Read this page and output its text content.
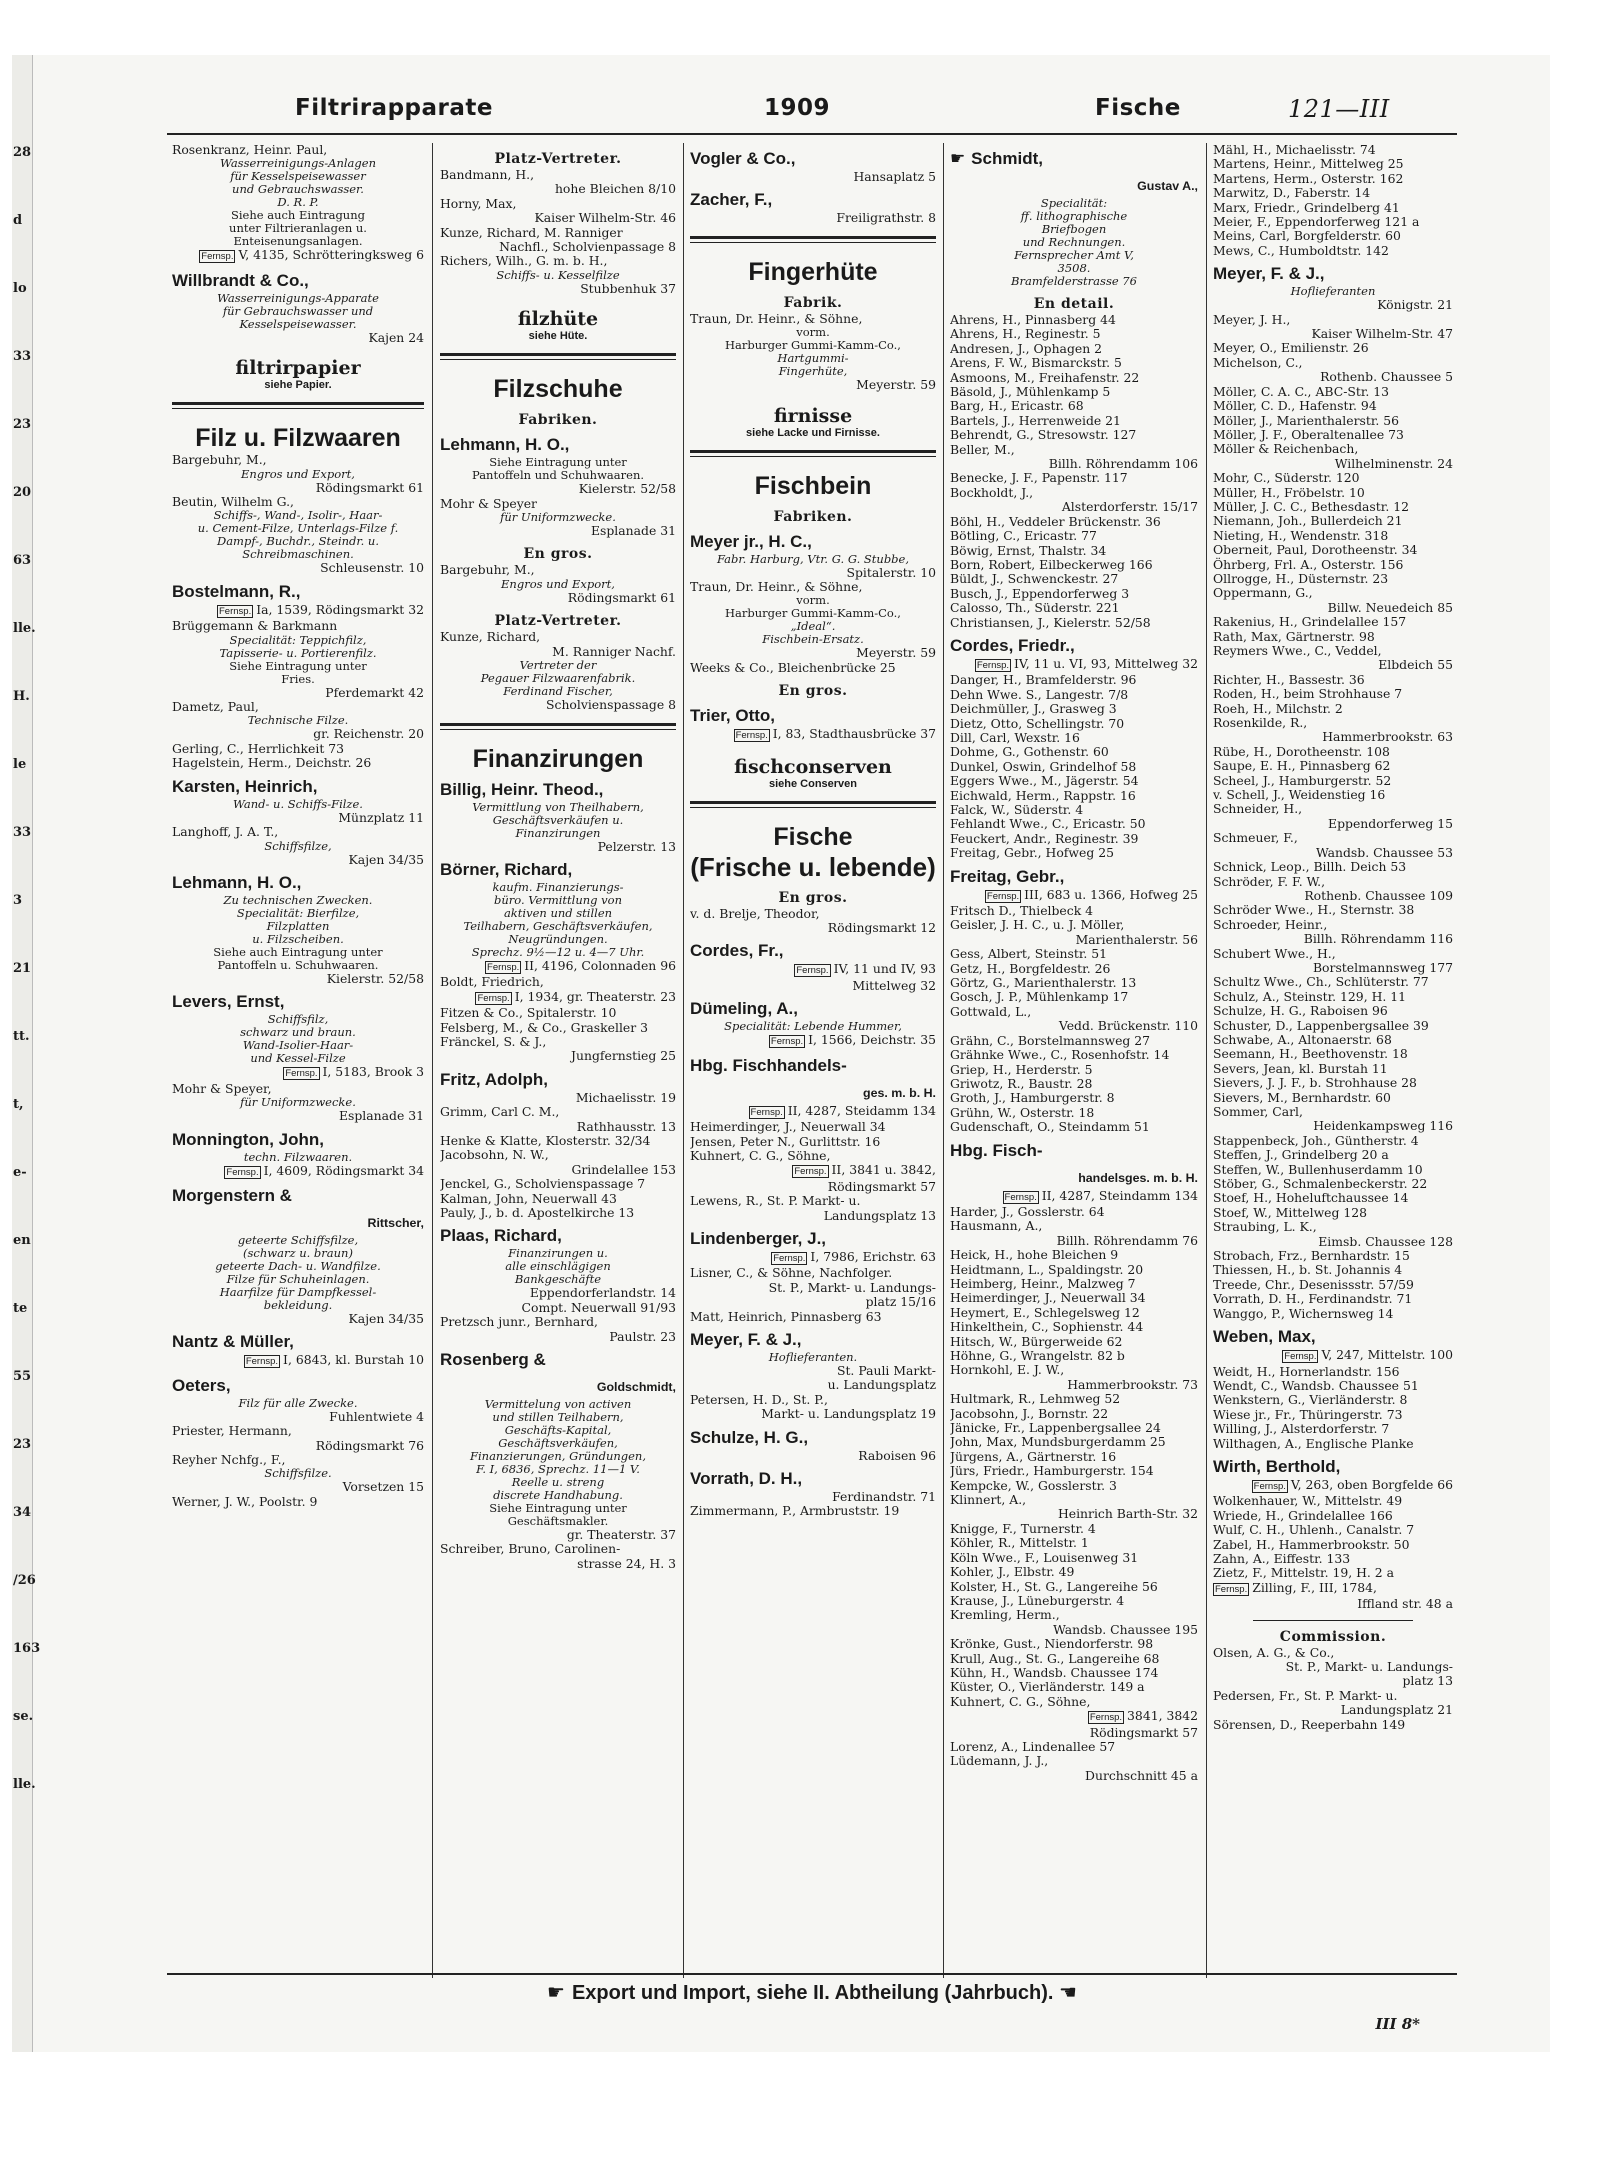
28
d
lo
33
23
20
63
lle.
H.
le
33
3
21
tt.
t,
e-
en
te
55
23
34
/26
163
se.
lle.
Filtrirapparate	1909	Fische	121—III
Rosenkranz, Heinr. Paul,
Wasserreinigungs-Anlagen
für Kesselspeisewasser
und Gebrauchswasser.
D. R. P.
Siehe auch Eintragung
unter Filtrieranlagen u.
Enteisenungsanlagen.
Fernsp. V, 4135, Schrötteringksweg 6
Willbrandt & Co.,
Wasserreinigungs-Apparate
für Gebrauchswasser und
Kesselspeisewasser.
Kajen 24
filtrirpapier
siehe Papier.
Filz u. Filzwaaren
Bargebuhr, M.,
Engros und Export,
Rödingsmarkt 61
Beutin, Wilhelm G.,
Schiffs-, Wand-, Isolir-, Haar-
u. Cement-Filze, Unterlags-Filze f.
Dampf-, Buchdr., Steindr. u.
Schreibmaschinen.
Schleusenstr. 10
Bostelmann, R.,
Fernsp. Ia, 1539, Rödingsmarkt 32
Brüggemann & Barkmann
Specialität: Teppichfilz,
Tapisserie- u. Portierenfilz.
Siehe Eintragung unter
Fries.
Pferdemarkt 42
Dametz, Paul,
Technische Filze.
gr. Reichenstr. 20
Gerling, C., Herrlichkeit 73
Hagelstein, Herm., Deichstr. 26
Karsten, Heinrich,
Wand- u. Schiffs-Filze.
Münzplatz 11
Langhoff, J. A. T.,
Schiffsfilze,
Kajen 34/35
Lehmann, H. O.,
Zu technischen Zwecken.
Specialität: Bierfilze,
Filzplatten
u. Filzscheiben.
Siehe auch Eintragung unter
Pantoffeln u. Schuhwaaren.
Kielerstr. 52/58
Levers, Ernst,
Schiffsfilz,
schwarz und braun.
Wand-Isolier-Haar-
und Kessel-Filze
Fernsp. I, 5183, Brook 3
Mohr & Speyer,
für Uniformzwecke.
Esplanade 31
Monnington, John,
techn. Filzwaaren.
Fernsp. I, 4609, Rödingsmarkt 34
Morgenstern &
Rittscher,
geteerte Schiffsfilze,
(schwarz u. braun)
geteerte Dach- u. Wandfilze.
Filze für Schuheinlagen.
Haarfilze für Dampfkessel-
bekleidung.
Kajen 34/35
Nantz & Müller,
Fernsp. I, 6843, kl. Burstah 10
Oeters,
Filz für alle Zwecke.
Fuhlentwiete 4
Priester, Hermann,
Rödingsmarkt 76
Reyher Nchfg., F.,
Schiffsfilze.
Vorsetzen 15
Werner, J. W., Poolstr. 9
Platz-Vertreter.
Bandmann, H.,
hohe Bleichen 8/10
Horny, Max,
Kaiser Wilhelm-Str. 46
Kunze, Richard, M. Ranniger
Nachfl., Scholvienpassage 8
Richers, Wilh., G. m. b. H.,
Schiffs- u. Kesselfilze
Stubbenhuk 37
filzhüte
siehe Hüte.
Filzschuhe
Fabriken.
Lehmann, H. O.,
Siehe Eintragung unter
Pantoffeln und Schuhwaaren.
Kielerstr. 52/58
Mohr & Speyer
für Uniformzwecke.
Esplanade 31
En gros.
Bargebuhr, M.,
Engros und Export,
Rödingsmarkt 61
Platz-Vertreter.
Kunze, Richard,
M. Ranniger Nachf.
Vertreter der
Pegauer Filzwaarenfabrik.
Ferdinand Fischer,
Scholvienspassage 8
Finanzirungen
Billig, Heinr. Theod.,
Vermittlung von Theilhabern,
Geschäftsverkäufen u.
Finanzirungen
Pelzerstr. 13
Börner, Richard,
kaufm. Finanzierungs-
büro. Vermittlung von
aktiven und stillen
Teilhabern, Geschäftsverkäufen,
Neugründungen.
Sprechz. 9½—12 u. 4—7 Uhr.
Fernsp. II, 4196, Colonnaden 96
Boldt, Friedrich,
Fernsp. I, 1934, gr. Theaterstr. 23
Fitzen & Co., Spitalerstr. 10
Felsberg, M., & Co., Graskeller 3
Fränckel, S. & J.,
Jungfernstieg 25
Fritz, Adolph,
Michaelisstr. 19
Grimm, Carl C. M.,
Rathhausstr. 13
Henke & Klatte, Klosterstr. 32/34
Jacobsohn, N. W.,
Grindelallee 153
Jenckel, G., Scholvienspassage 7
Kalman, John, Neuerwall 43
Pauly, J., b. d. Apostelkirche 13
Plaas, Richard,
Finanzirungen u.
alle einschlägigen
Bankgeschäfte
Eppendorferlandstr. 14
Compt. Neuerwall 91/93
Pretzsch junr., Bernhard,
Paulstr. 23
Rosenberg &
Goldschmidt,
Vermittelung von activen
und stillen Teilhabern,
Geschäfts-Kapital,
Geschäftsverkäufen,
Finanzierungen, Gründungen,
F. I, 6836, Sprechz. 11—1 V.
Reelle u. streng
discrete Handhabung.
Siehe Eintragung unter
Geschäftsmakler.
gr. Theaterstr. 37
Schreiber, Bruno, Carolinen-
strasse 24, H. 3
Vogler & Co.,
Hansaplatz 5
Zacher, F.,
Freiligrathstr. 8
Fingerhüte
Fabrik.
Traun, Dr. Heinr., & Söhne,
vorm.
Harburger Gummi-Kamm-Co.,
Hartgummi-
Fingerhüte,
Meyerstr. 59
firnisse
siehe Lacke und Firnisse.
Fischbein
Fabriken.
Meyer jr., H. C.,
Fabr. Harburg, Vtr. G. G. Stubbe,
Spitalerstr. 10
Traun, Dr. Heinr., & Söhne,
vorm.
Harburger Gummi-Kamm-Co.,
„Ideal“.
Fischbein-Ersatz.
Meyerstr. 59
Weeks & Co., Bleichenbrücke 25
En gros.
Trier, Otto,
Fernsp. I, 83, Stadthausbrücke 37
fischconserven
siehe Conserven
Fische
(Frische u. lebende)
En gros.
v. d. Brelje, Theodor,
Rödingsmarkt 12
Cordes, Fr.,
Fernsp. IV, 11 und IV, 93
Mittelweg 32
Dümeling, A.,
Specialität: Lebende Hummer,
Fernsp. I, 1566, Deichstr. 35
Hbg. Fischhandels-
ges. m. b. H.
Fernsp. II, 4287, Steidamm 134
Heimerdinger, J., Neuerwall 34
Jensen, Peter N., Gurlittstr. 16
Kuhnert, C. G., Söhne,
Fernsp. II, 3841 u. 3842,
Rödingsmarkt 57
Lewens, R., St. P. Markt- u.
Landungsplatz 13
Lindenberger, J.,
Fernsp. I, 7986, Erichstr. 63
Lisner, C., & Söhne, Nachfolger.
St. P., Markt- u. Landungs-
platz 15/16
Matt, Heinrich, Pinnasberg 63
Meyer, F. & J.,
Hoflieferanten.
St. Pauli Markt-
u. Landungsplatz
Petersen, H. D., St. P.,
Markt- u. Landungsplatz 19
Schulze, H. G.,
Raboisen 96
Vorrath, D. H.,
Ferdinandstr. 71
Zimmermann, P., Armbruststr. 19
☛ Schmidt,
Gustav A.,
Specialität:
ff. lithographische
Briefbogen
und Rechnungen.
Fernsprecher Amt V,
3508.
Bramfelderstrasse 76
En detail.
Ahrens, H., Pinnasberg 44
Ahrens, H., Reginestr. 5
Andresen, J., Ophagen 2
Arens, F. W., Bismarckstr. 5
Asmoons, M., Freihafenstr. 22
Bäsold, J., Mühlenkamp 5
Barg, H., Ericastr. 68
Bartels, J., Herrenweide 21
Behrendt, G., Stresowstr. 127
Beller, M.,
Billh. Röhrendamm 106
Benecke, J. F., Papenstr. 117
Bockholdt, J.,
Alsterdorferstr. 15/17
Böhl, H., Veddeler Brückenstr. 36
Bötling, C., Ericastr. 77
Böwig, Ernst, Thalstr. 34
Born, Robert, Eilbeckerweg 166
Büldt, J., Schwenckestr. 27
Busch, J., Eppendorferweg 3
Calosso, Th., Süderstr. 221
Christiansen, J., Kielerstr. 52/58
Cordes, Friedr.,
Fernsp. IV, 11 u. VI, 93, Mittelweg 32
Danger, H., Bramfelderstr. 96
Dehn Wwe. S., Langestr. 7/8
Deichmüller, J., Grasweg 3
Dietz, Otto, Schellingstr. 70
Dill, Carl, Wexstr. 16
Dohme, G., Gothenstr. 60
Dunkel, Oswin, Grindelhof 58
Eggers Wwe., M., Jägerstr. 54
Eichwald, Herm., Rappstr. 16
Falck, W., Süderstr. 4
Fehlandt Wwe., C., Ericastr. 50
Feuckert, Andr., Reginestr. 39
Freitag, Gebr., Hofweg 25
Freitag, Gebr.,
Fernsp. III, 683 u. 1366, Hofweg 25
Fritsch D., Thielbeck 4
Geisler, J. H. C., u. J. Möller,
Marienthalerstr. 56
Gess, Albert, Steinstr. 51
Getz, H., Borgfeldestr. 26
Görtz, G., Marienthalerstr. 13
Gosch, J. P., Mühlenkamp 17
Gottwald, L.,
Vedd. Brückenstr. 110
Grähn, C., Borstelmannsweg 27
Grähnke Wwe., C., Rosenhofstr. 14
Griep, H., Herderstr. 5
Griwotz, R., Baustr. 28
Groth, J., Hamburgerstr. 8
Grühn, W., Osterstr. 18
Gudenschaft, O., Steindamm 51
Hbg. Fisch-
handelsges. m. b. H.
Fernsp. II, 4287, Steindamm 134
Harder, J., Gosslerstr. 64
Hausmann, A.,
Billh. Röhrendamm 76
Heick, H., hohe Bleichen 9
Heidtmann, L., Spaldingstr. 20
Heimberg, Heinr., Malzweg 7
Heimerdinger, J., Neuerwall 34
Heymert, E., Schlegelsweg 12
Hinkelthein, C., Sophienstr. 44
Hitsch, W., Bürgerweide 62
Höhne, G., Wrangelstr. 82 b
Hornkohl, E. J. W.,
Hammerbrookstr. 73
Hultmark, R., Lehmweg 52
Jacobsohn, J., Bornstr. 22
Jänicke, Fr., Lappenbergsallee 24
John, Max, Mundsburgerdamm 25
Jürgens, A., Gärtnerstr. 16
Jürs, Friedr., Hamburgerstr. 154
Kempcke, W., Gosslerstr. 3
Klinnert, A.,
Heinrich Barth-Str. 32
Knigge, F., Turnerstr. 4
Köhler, R., Mittelstr. 1
Köln Wwe., F., Louisenweg 31
Kohler, J., Elbstr. 49
Kolster, H., St. G., Langereihe 56
Krause, J., Lüneburgerstr. 4
Kremling, Herm.,
Wandsb. Chaussee 195
Krönke, Gust., Niendorferstr. 98
Krull, Aug., St. G., Langereihe 68
Kühn, H., Wandsb. Chaussee 174
Küster, O., Vierländerstr. 149 a
Kuhnert, C. G., Söhne,
Fernsp. 3841, 3842
Rödingsmarkt 57
Lorenz, A., Lindenallee 57
Lüdemann, J. J.,
Durchschnitt 45 a
Mähl, H., Michaelisstr. 74
Martens, Heinr., Mittelweg 25
Martens, Herm., Osterstr. 162
Marwitz, D., Faberstr. 14
Marx, Friedr., Grindelberg 41
Meier, F., Eppendorferweg 121 a
Meins, Carl, Borgfelderstr. 60
Mews, C., Humboldtstr. 142
Meyer, F. & J.,
Hoflieferanten
Königstr. 21
Meyer, J. H.,
Kaiser Wilhelm-Str. 47
Meyer, O., Emilienstr. 26
Michelson, C.,
Rothenb. Chaussee 5
Möller, C. A. C., ABC-Str. 13
Möller, C. D., Hafenstr. 94
Möller, J., Marienthalerstr. 56
Möller, J. F., Oberaltenallee 73
Möller & Reichenbach,
Wilhelminenstr. 24
Mohr, C., Süderstr. 120
Müller, H., Fröbelstr. 10
Müller, J. C. C., Bethesdastr. 12
Niemann, Joh., Bullerdeich 21
Nieting, H., Wendenstr. 318
Oberneit, Paul, Dorotheenstr. 34
Öhrberg, Frl. A., Osterstr. 156
Ollrogge, H., Düsternstr. 23
Oppermann, G.,
Billw. Neuedeich 85
Rakenius, H., Grindelallee 157
Rath, Max, Gärtnerstr. 98
Reymers Wwe., C., Veddel,
Elbdeich 55
Richter, H., Bassestr. 36
Roden, H., beim Strohhause 7
Roeh, H., Milchstr. 2
Rosenkilde, R.,
Hammerbrookstr. 63
Rübe, H., Dorotheenstr. 108
Saupe, E. H., Pinnasberg 62
Scheel, J., Hamburgerstr. 52
v. Schell, J., Weidenstieg 16
Schneider, H.,
Eppendorferweg 15
Schmeuer, F.,
Wandsb. Chaussee 53
Schnick, Leop., Billh. Deich 53
Schröder, F. F. W.,
Rothenb. Chaussee 109
Schröder Wwe., H., Sternstr. 38
Schroeder, Heinr.,
Billh. Röhrendamm 116
Schubert Wwe., H.,
Borstelmannsweg 177
Schultz Wwe., Ch., Schlüterstr. 77
Schulz, A., Steinstr. 129, H. 11
Schulze, H. G., Raboisen 96
Schuster, D., Lappenbergsallee 39
Schwabe, A., Altonaerstr. 68
Seemann, H., Beethovenstr. 18
Severs, Jean, kl. Burstah 11
Sievers, J. J. F., b. Strohhause 28
Sievers, M., Bernhardstr. 60
Sommer, Carl,
Heidenkampsweg 116
Stappenbeck, Joh., Güntherstr. 4
Steffen, J., Grindelberg 20 a
Steffen, W., Bullenhuserdamm 10
Stöber, G., Schmalenbeckerstr. 22
Stoef, H., Hoheluftchaussee 14
Stoef, W., Mittelweg 128
Straubing, L. K.,
Eimsb. Chaussee 128
Strobach, Frz., Bernhardstr. 15
Thiessen, H., b. St. Johannis 4
Treede, Chr., Desenissstr. 57/59
Vorrath, D. H., Ferdinandstr. 71
Wanggo, P., Wichernsweg 14
Weben, Max,
Fernsp. V, 247, Mittelstr. 100
Weidt, H., Hornerlandstr. 156
Wendt, C., Wandsb. Chaussee 51
Wenkstern, G., Vierländerstr. 8
Wiese jr., Fr., Thüringerstr. 73
Willing, J., Alsterdorferstr. 7
Wilthagen, A., Englische Planke
Wirth, Berthold,
Fernsp. V, 263, oben Borgfelde 66
Wolkenhauer, W., Mittelstr. 49
Wriede, H., Grindelallee 166
Wulf, C. H., Uhlenh., Canalstr. 7
Zabel, H., Hammerbrookstr. 50
Zahn, A., Eiffestr. 133
Zietz, F., Mittelstr. 19, H. 2 a
Fernsp. Zilling, F., III, 1784,
Iffland str. 48 a
Commission.
Olsen, A. G., & Co.,
St. P., Markt- u. Landungs-
platz 13
Pedersen, Fr., St. P. Markt- u.
Landungsplatz 21
Sörensen, D., Reeperbahn 149
☛ Export und Import, siehe II. Abtheilung (Jahrbuch). ☚
III 8*
